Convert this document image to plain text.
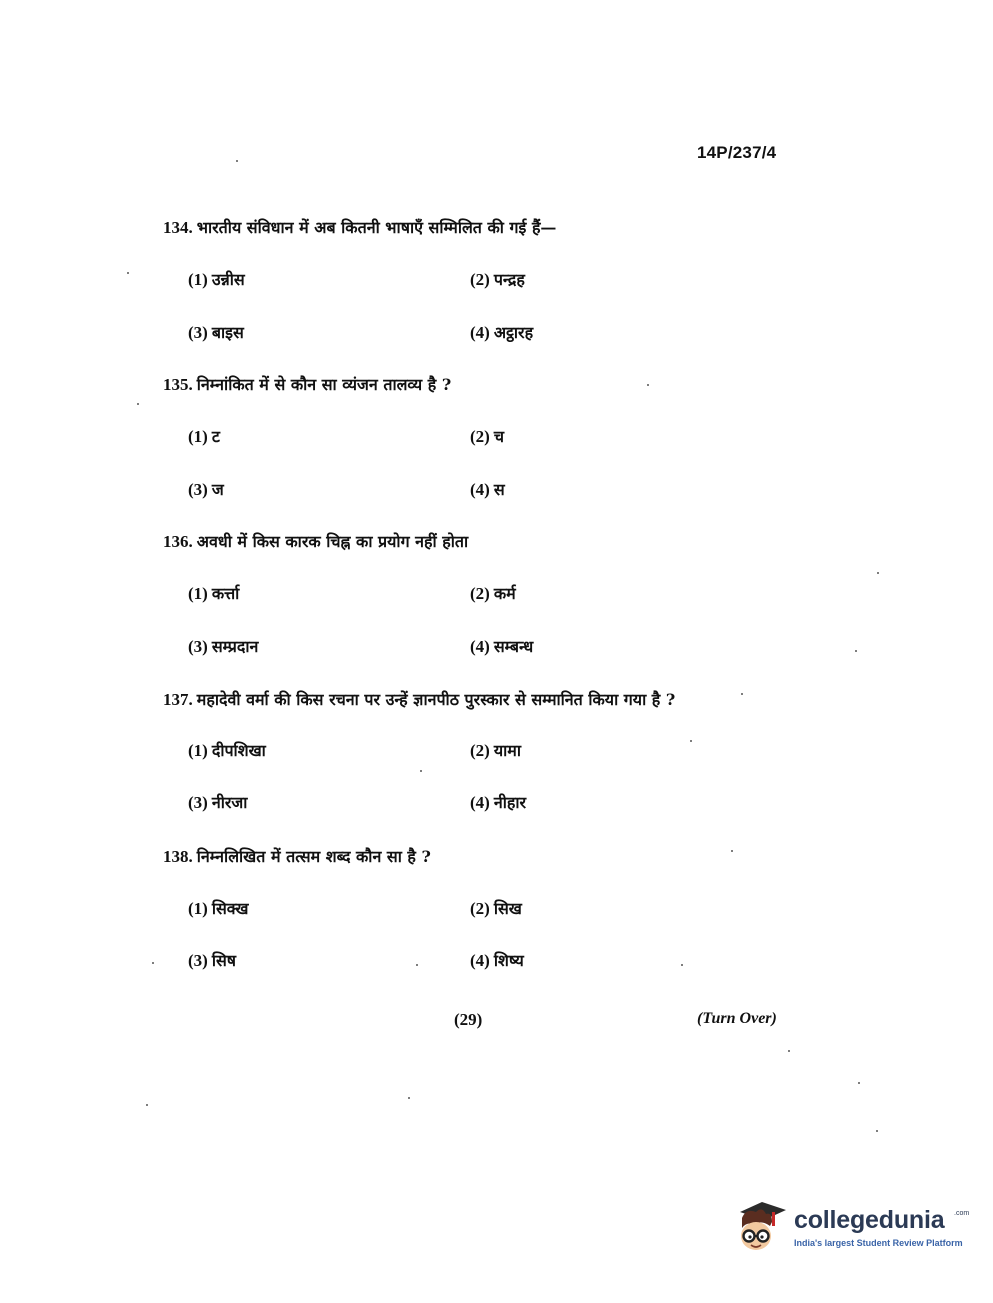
14P/237/4
134. भारतीय संविधान में अब कितनी भाषाएँ सम्मिलित की गई हैं—
(1) उन्नीस	(2) पन्द्रह
(3) बाइस	(4) अट्ठारह
135. निम्नांकित में से कौन सा व्यंजन तालव्य है ?
(1) ट	(2) च
(3) ज	(4) स
136. अवधी में किस कारक चिह्न का प्रयोग नहीं होता
(1) कर्त्ता	(2) कर्म
(3) सम्प्रदान	(4) सम्बन्ध
137. महादेवी वर्मा की किस रचना पर उन्हें ज्ञानपीठ पुरस्कार से सम्मानित किया गया है ?
(1) दीपशिखा	(2) यामा
(3) नीरजा	(4) नीहार
138. निम्नलिखित में तत्सम शब्द कौन सा है ?
(1) सिक्ख	(2) सिख
(3) सिष	(4) शिष्य
(29)	(Turn Over)
collegedunia .com
India's largest Student Review Platform
